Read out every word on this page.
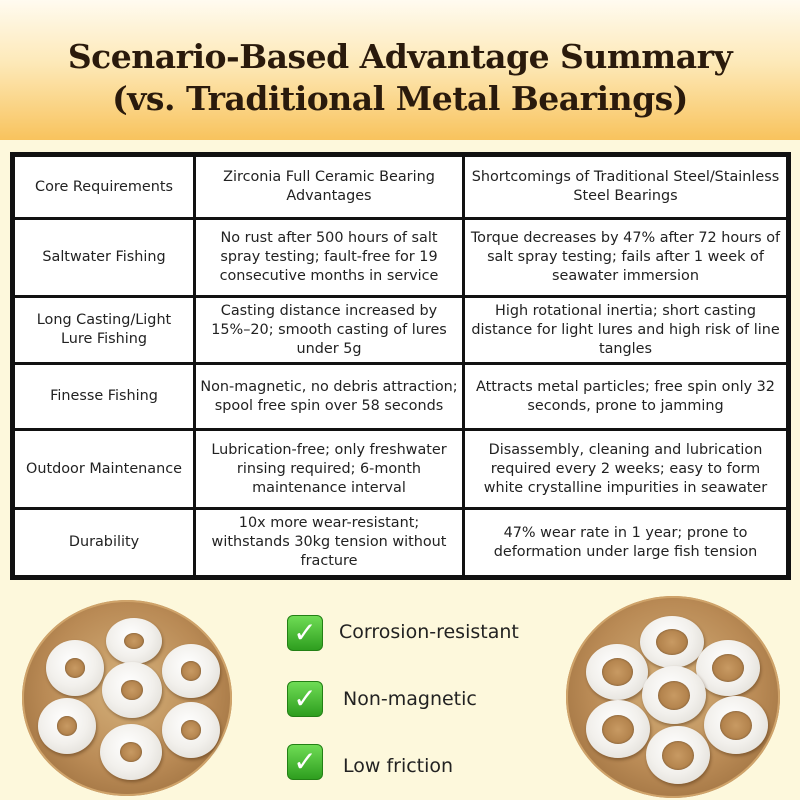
Scenario-Based Advantage Summary
(vs. Traditional Metal Bearings)
Core Requirements	Zirconia Full Ceramic Bearing Advantages	Shortcomings of Traditional Steel/Stainless Steel Bearings
Saltwater Fishing	No rust after 500 hours of salt spray testing; fault-free for 19 consecutive months in service	Torque decreases by 47% after 72 hours of salt spray testing; fails after 1 week of seawater immersion
Long Casting/Light Lure Fishing	Casting distance increased by 15%–20; smooth casting of lures under 5g	High rotational inertia; short casting distance for light lures and high risk of line tangles
Finesse Fishing	Non-magnetic, no debris attraction; spool free spin over 58 seconds	Attracts metal particles; free spin only 32 seconds, prone to jamming
Outdoor Maintenance	Lubrication-free; only freshwater rinsing required; 6-month maintenance interval	Disassembly, cleaning and lubrication required every 2 weeks; easy to form white crystalline impurities in seawater
Durability	10x more wear-resistant; withstands 30kg tension without fracture	47% wear rate in 1 year; prone to deformation under large fish tension
✓	Corrosion-resistant
✓	Non-magnetic
✓	Low friction
